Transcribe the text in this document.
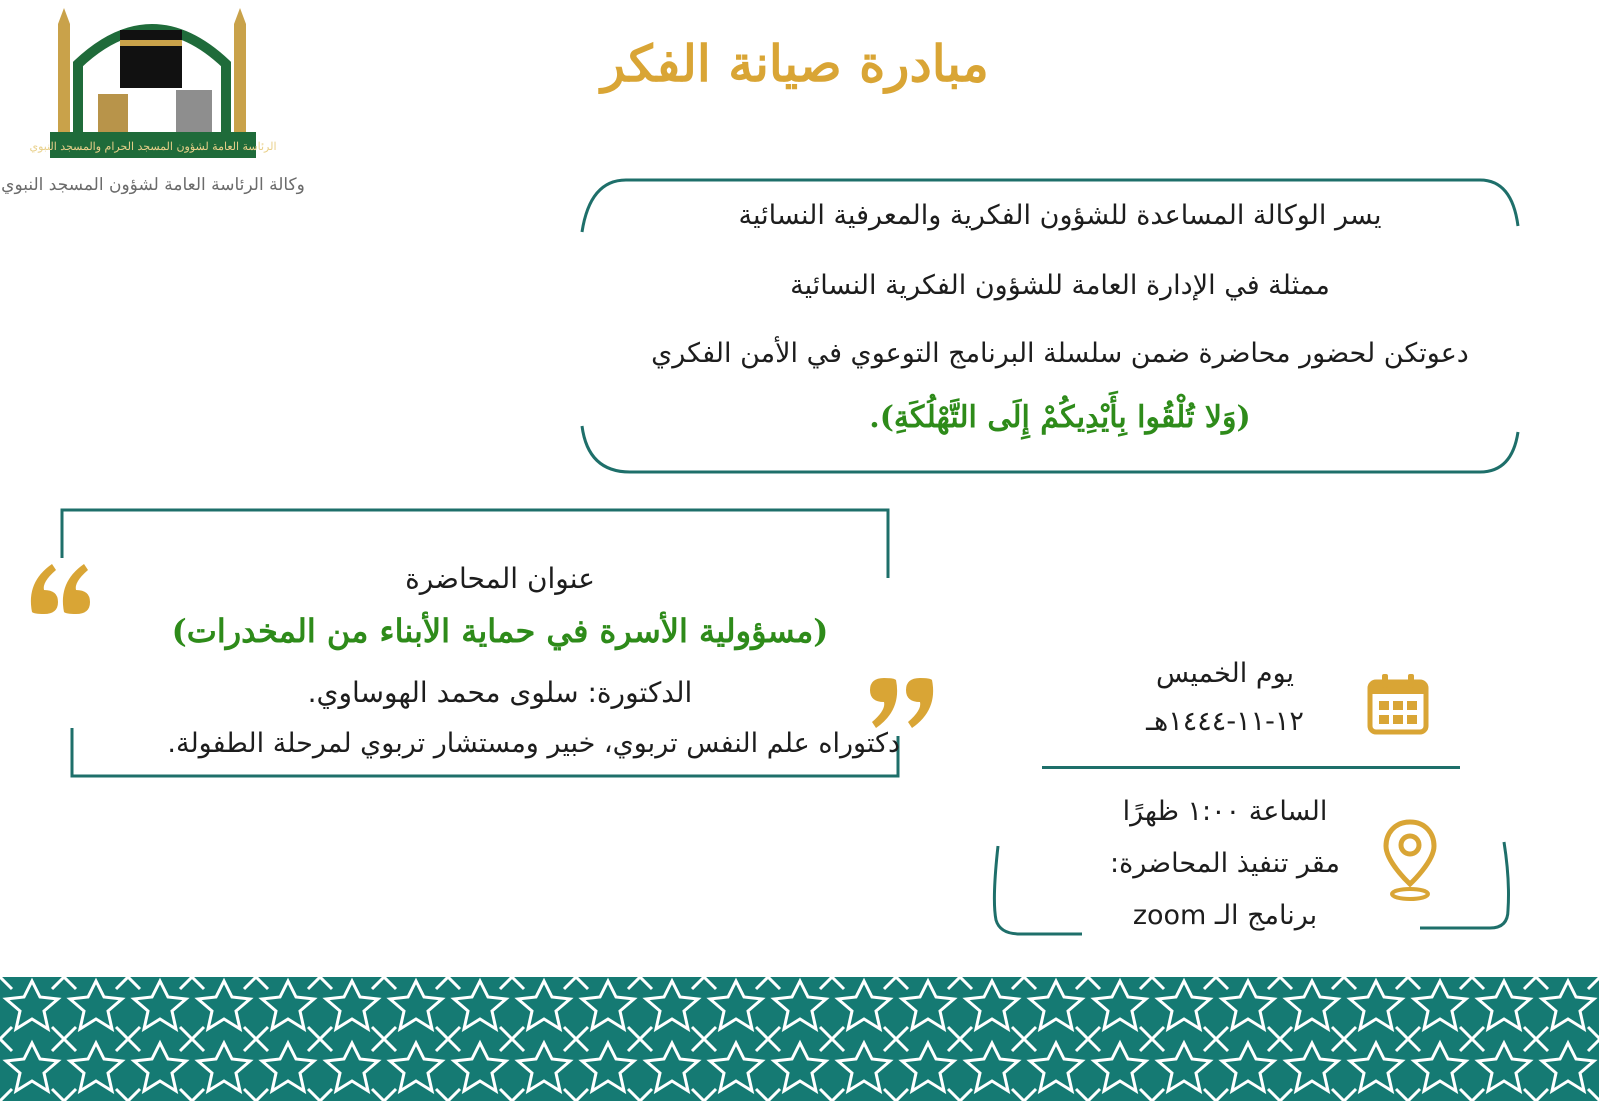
الرئاسة العامة لشؤون المسجد الحرام والمسجد النبوي
وكالة الرئاسة العامة لشؤون المسجد النبوي
مبادرة صيانة الفكر
يسر الوكالة المساعدة للشؤون الفكرية والمعرفية النسائية
ممثلة في الإدارة العامة للشؤون الفكرية النسائية
دعوتكن لحضور محاضرة ضمن سلسلة البرنامج التوعوي في الأمن الفكري
(وَلا تُلْقُوا بِأَيْدِيكُمْ إِلَى التَّهْلُكَةِ).
عنوان المحاضرة
(مسؤولية الأسرة في حماية الأبناء من المخدرات)
الدكتورة: سلوى محمد الهوساوي.
دكتوراه علم النفس تربوي، خبير ومستشار تربوي لمرحلة الطفولة.
يوم الخميس
١٢-١١-١٤٤٤هـ
الساعة ١:٠٠ ظهرًا
مقر تنفيذ المحاضرة:
برنامج الـ zoom
